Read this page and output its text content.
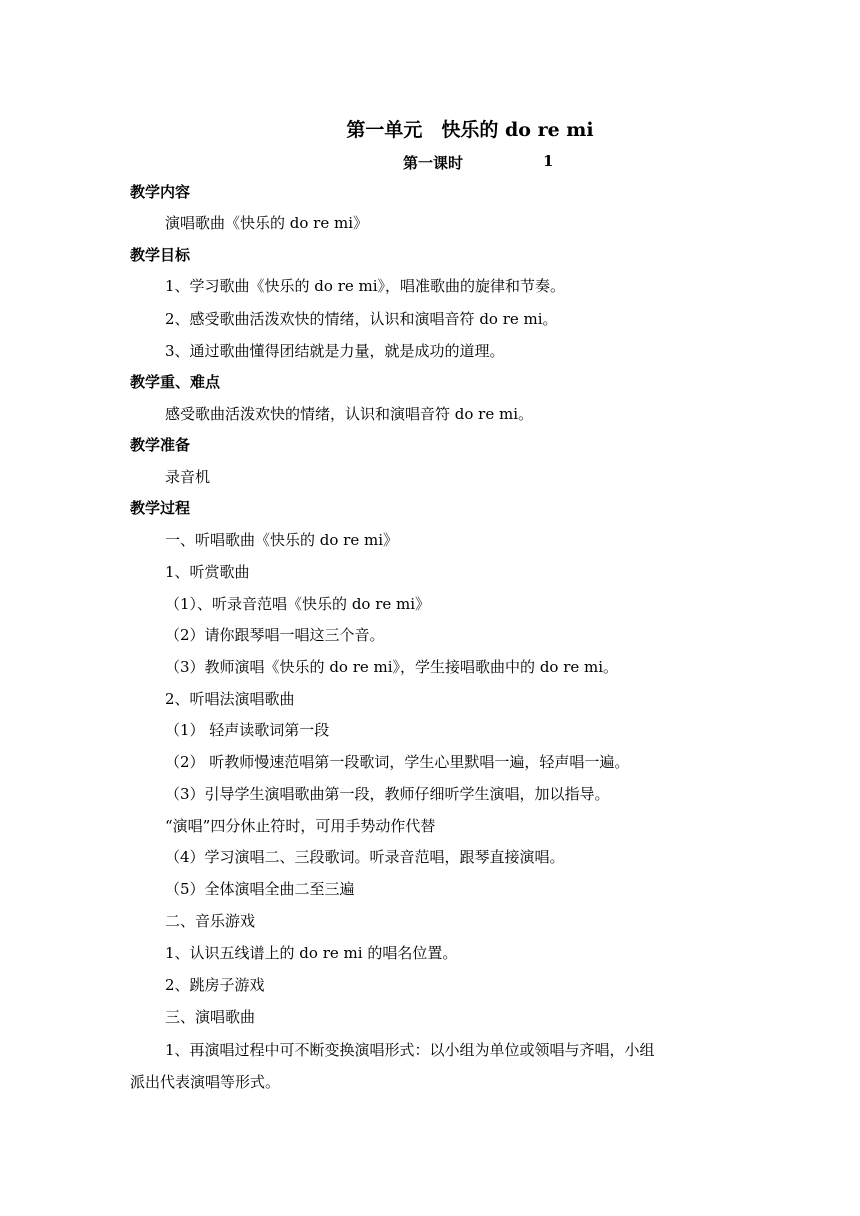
第一单元　快乐的 do re mi
第一课时	1
教学内容
演唱歌曲《快乐的 do re mi》
教学目标
1、学习歌曲《快乐的 do re mi》，唱准歌曲的旋律和节奏。
2、感受歌曲活泼欢快的情绪，认识和演唱音符 do re mi。
3、通过歌曲懂得团结就是力量，就是成功的道理。
教学重、难点
感受歌曲活泼欢快的情绪，认识和演唱音符 do re mi。
教学准备
录音机
教学过程
一、听唱歌曲《快乐的 do re mi》
1、听赏歌曲
（1）、听录音范唱《快乐的 do re mi》
（2）请你跟琴唱一唱这三个音。
（3）教师演唱《快乐的 do re mi》，学生接唱歌曲中的 do re mi。
2、听唱法演唱歌曲
（1） 轻声读歌词第一段
（2） 听教师慢速范唱第一段歌词，学生心里默唱一遍，轻声唱一遍。
（3）引导学生演唱歌曲第一段，教师仔细听学生演唱，加以指导。
“演唱”四分休止符时，可用手势动作代替
（4）学习演唱二、三段歌词。听录音范唱，跟琴直接演唱。
（5）全体演唱全曲二至三遍
二、音乐游戏
1、认识五线谱上的 do re mi 的唱名位置。
2、跳房子游戏
三、演唱歌曲
1、再演唱过程中可不断变换演唱形式：以小组为单位或领唱与齐唱，小组
派出代表演唱等形式。
